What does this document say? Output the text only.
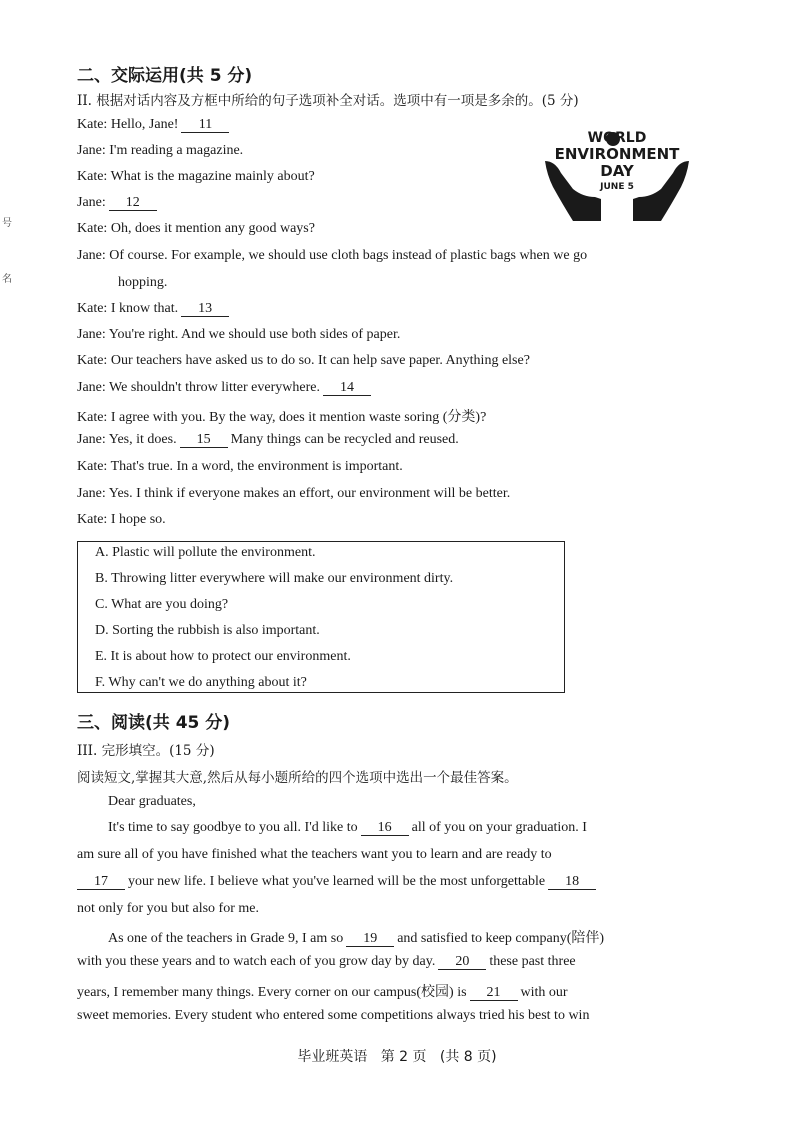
号
名
二、交际运用(共 5 分)
II. 根据对话内容及方框中所给的句子选项补全对话。选项中有一项是多余的。(5 分)
WORLD
ENVIRONMENT
DAY
JUNE 5
Kate: Hello, Jane! 11
Jane: I'm reading a magazine.
Kate: What is the magazine mainly about?
Jane: 12
Kate: Oh, does it mention any good ways?
Jane: Of course. For example, we should use cloth bags instead of plastic bags when we go
hopping.
Kate: I know that. 13
Jane: You're right. And we should use both sides of paper.
Kate: Our teachers have asked us to do so. It can help save paper. Anything else?
Jane: We shouldn't throw litter everywhere. 14
Kate: I agree with you. By the way, does it mention waste soring (分类)?
Jane: Yes, it does. 15 Many things can be recycled and reused.
Kate: That's true. In a word, the environment is important.
Jane: Yes. I think if everyone makes an effort, our environment will be better.
Kate: I hope so.
A. Plastic will pollute the environment.
B. Throwing litter everywhere will make our environment dirty.
C. What are you doing?
D. Sorting the rubbish is also important.
E. It is about how to protect our environment.
F. Why can't we do anything about it?
三、阅读(共 45 分)
III. 完形填空。(15 分)
阅读短文,掌握其大意,然后从每小题所给的四个选项中选出一个最佳答案。
Dear graduates,
It's time to say goodbye to you all. I'd like to 16 all of you on your graduation. I
am sure all of you have finished what the teachers want you to learn and are ready to
17 your new life. I believe what you've learned will be the most unforgettable 18
not only for you but also for me.
As one of the teachers in Grade 9, I am so 19 and satisfied to keep company(陪伴)
with you these years and to watch each of you grow day by day. 20 these past three
years, I remember many things. Every corner on our campus(校园) is 21 with our
sweet memories. Every student who entered some competitions always tried his best to win
毕业班英语   第 2 页   (共 8 页)
